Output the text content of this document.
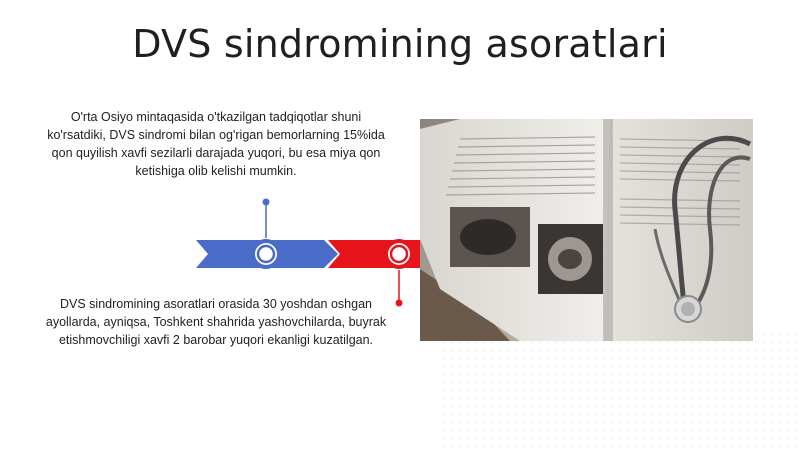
DVS sindromining asoratlari
O'rta Osiyo mintaqasida o'tkazilgan tadqiqotlar shuni ko'rsatdiki, DVS sindromi bilan og'rigan bemorlarning 15%ida qon quyilish xavfi sezilarli darajada yuqori, bu esa miya qon ketishiga olib kelishi mumkin.
DVS sindromining asoratlari orasida 30 yoshdan oshgan ayollarda, ayniqsa, Toshkent shahrida yashovchilarda, buyrak etishmovchiligi xavfi 2 barobar yuqori ekanligi kuzatilgan.
